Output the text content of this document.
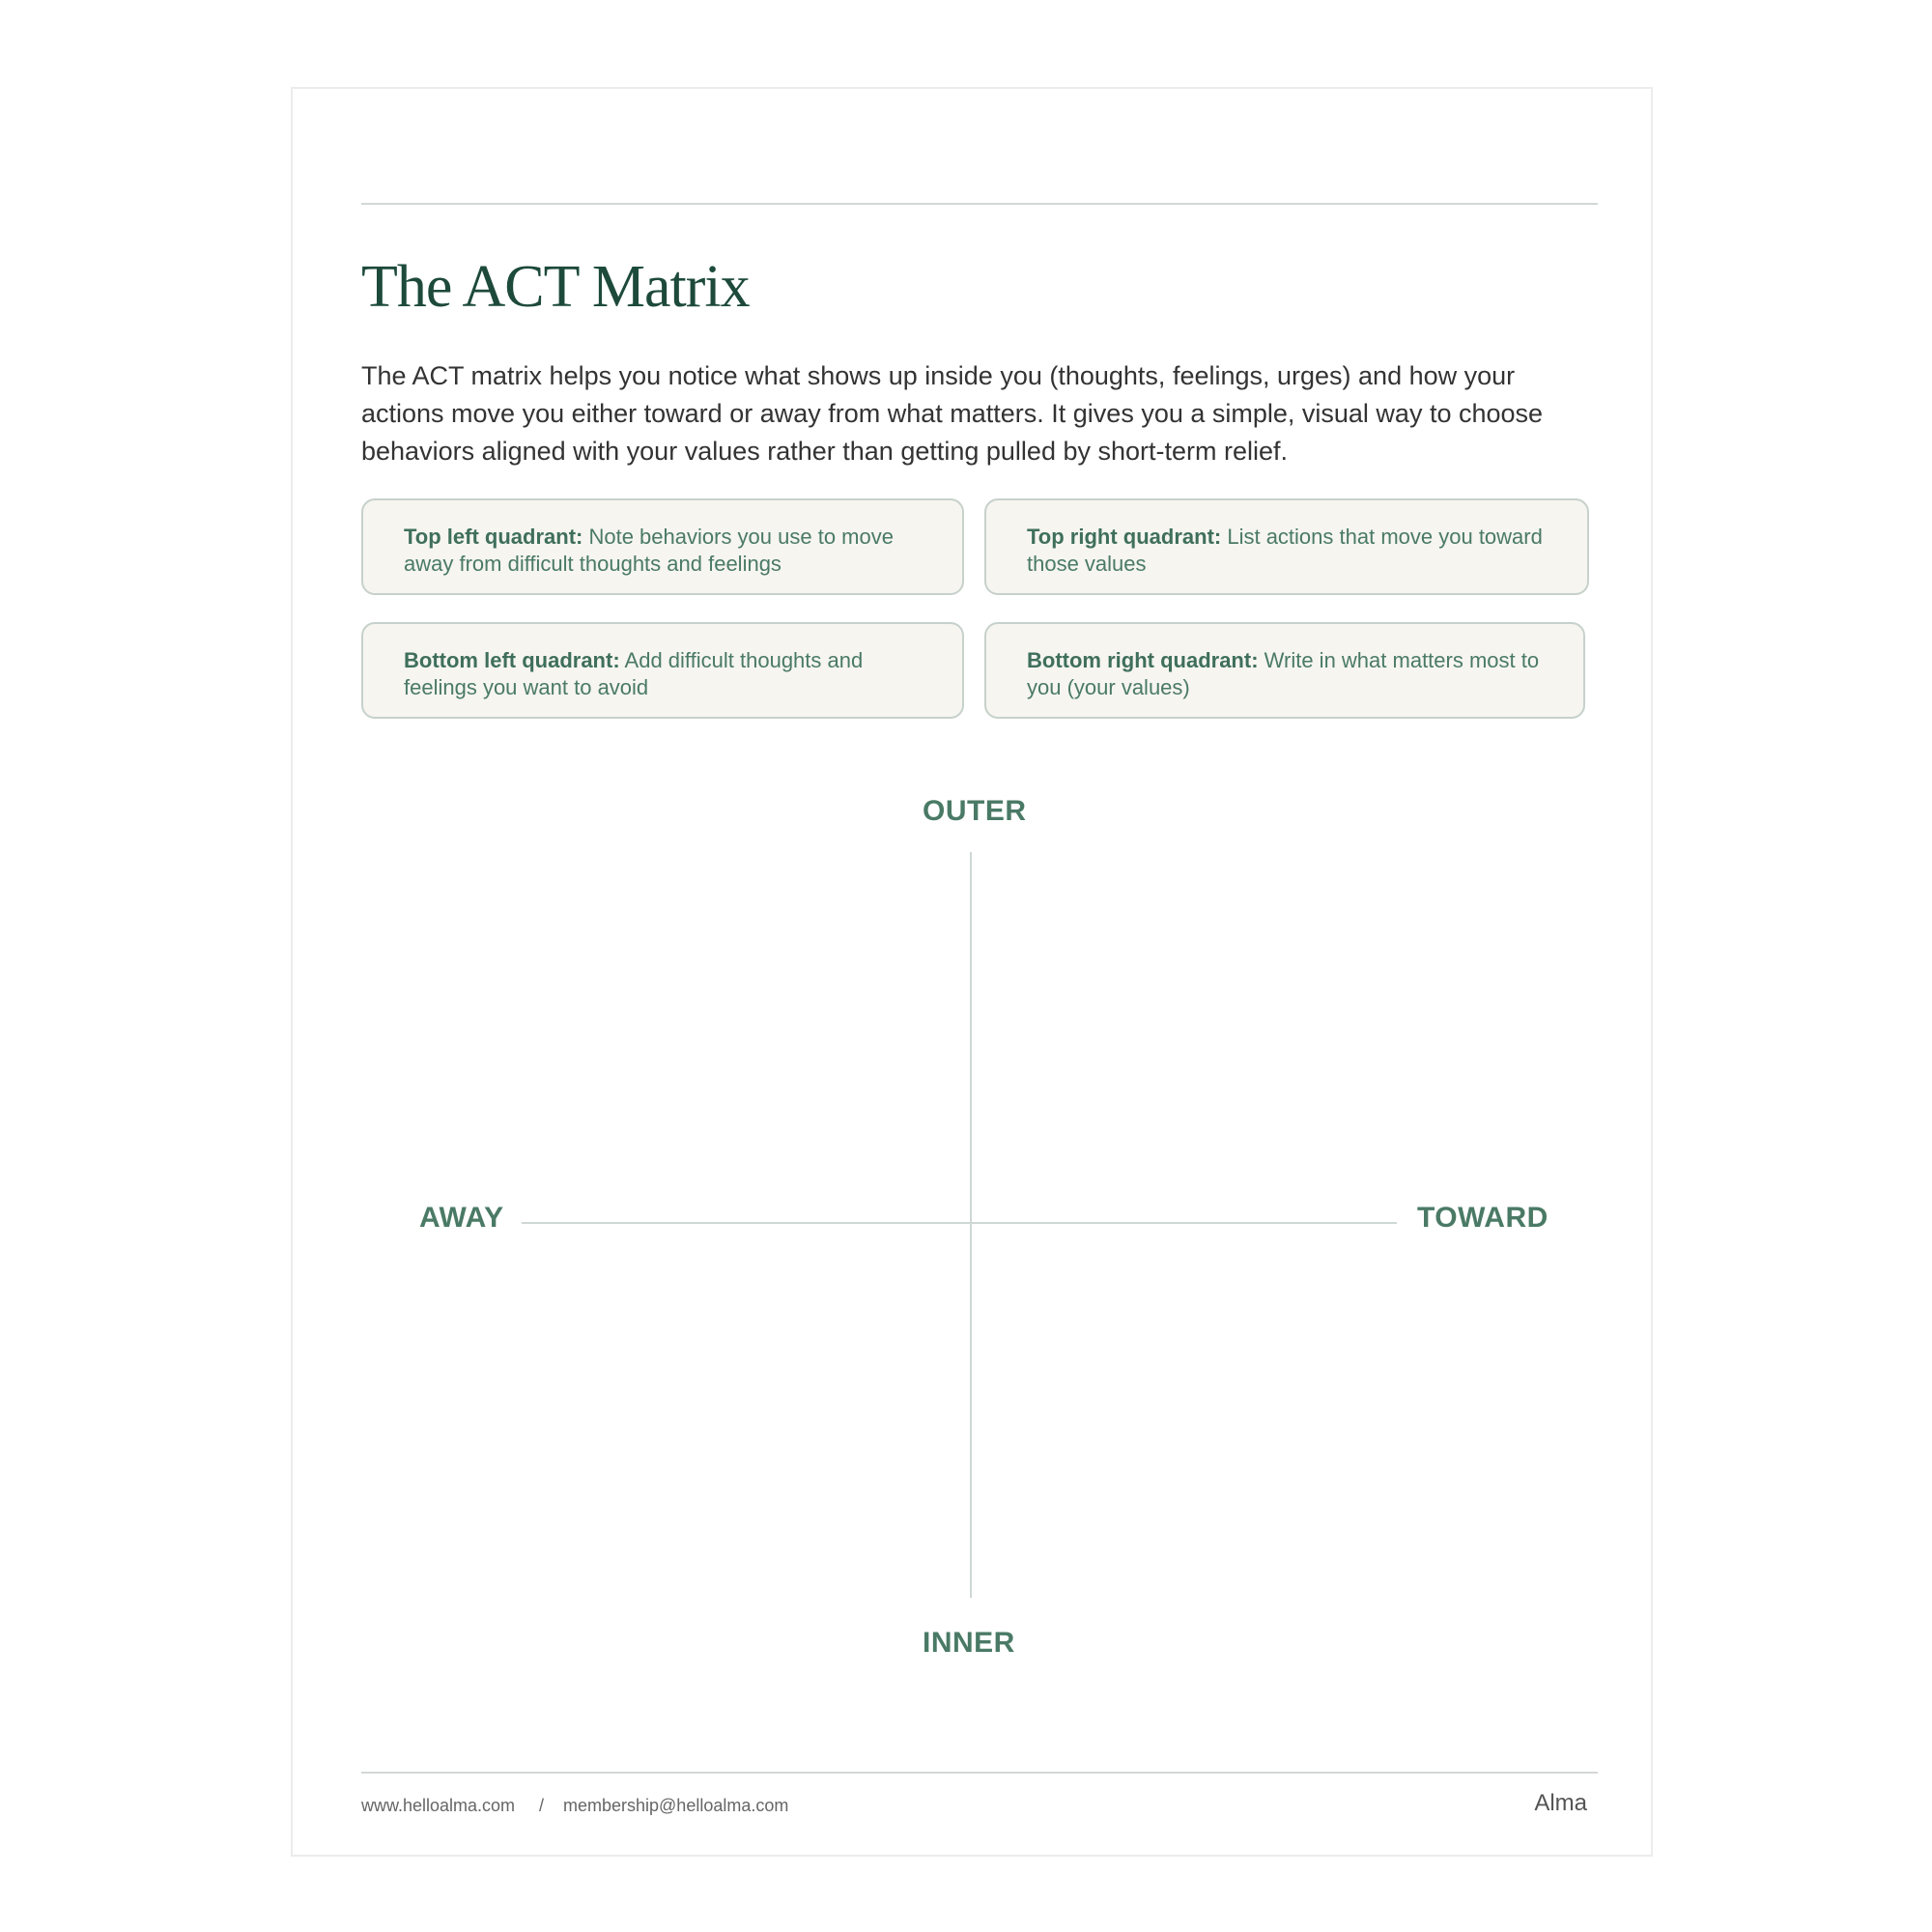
The ACT Matrix

The ACT matrix helps you notice what shows up inside you (thoughts, feelings, urges) and how your actions move you either toward or away from what matters. It gives you a simple, visual way to choose behaviors aligned with your values rather than getting pulled by short-term relief.

Top left quadrant: Note behaviors you use to move away from difficult thoughts and feelings
Top right quadrant: List actions that move you toward those values
Bottom left quadrant: Add difficult thoughts and feelings you want to avoid
Bottom right quadrant: Write in what matters most to you (your values)
OUTER
AWAY	TOWARD
INNER
www.helloalma.com / membership@helloalma.com	Alma
